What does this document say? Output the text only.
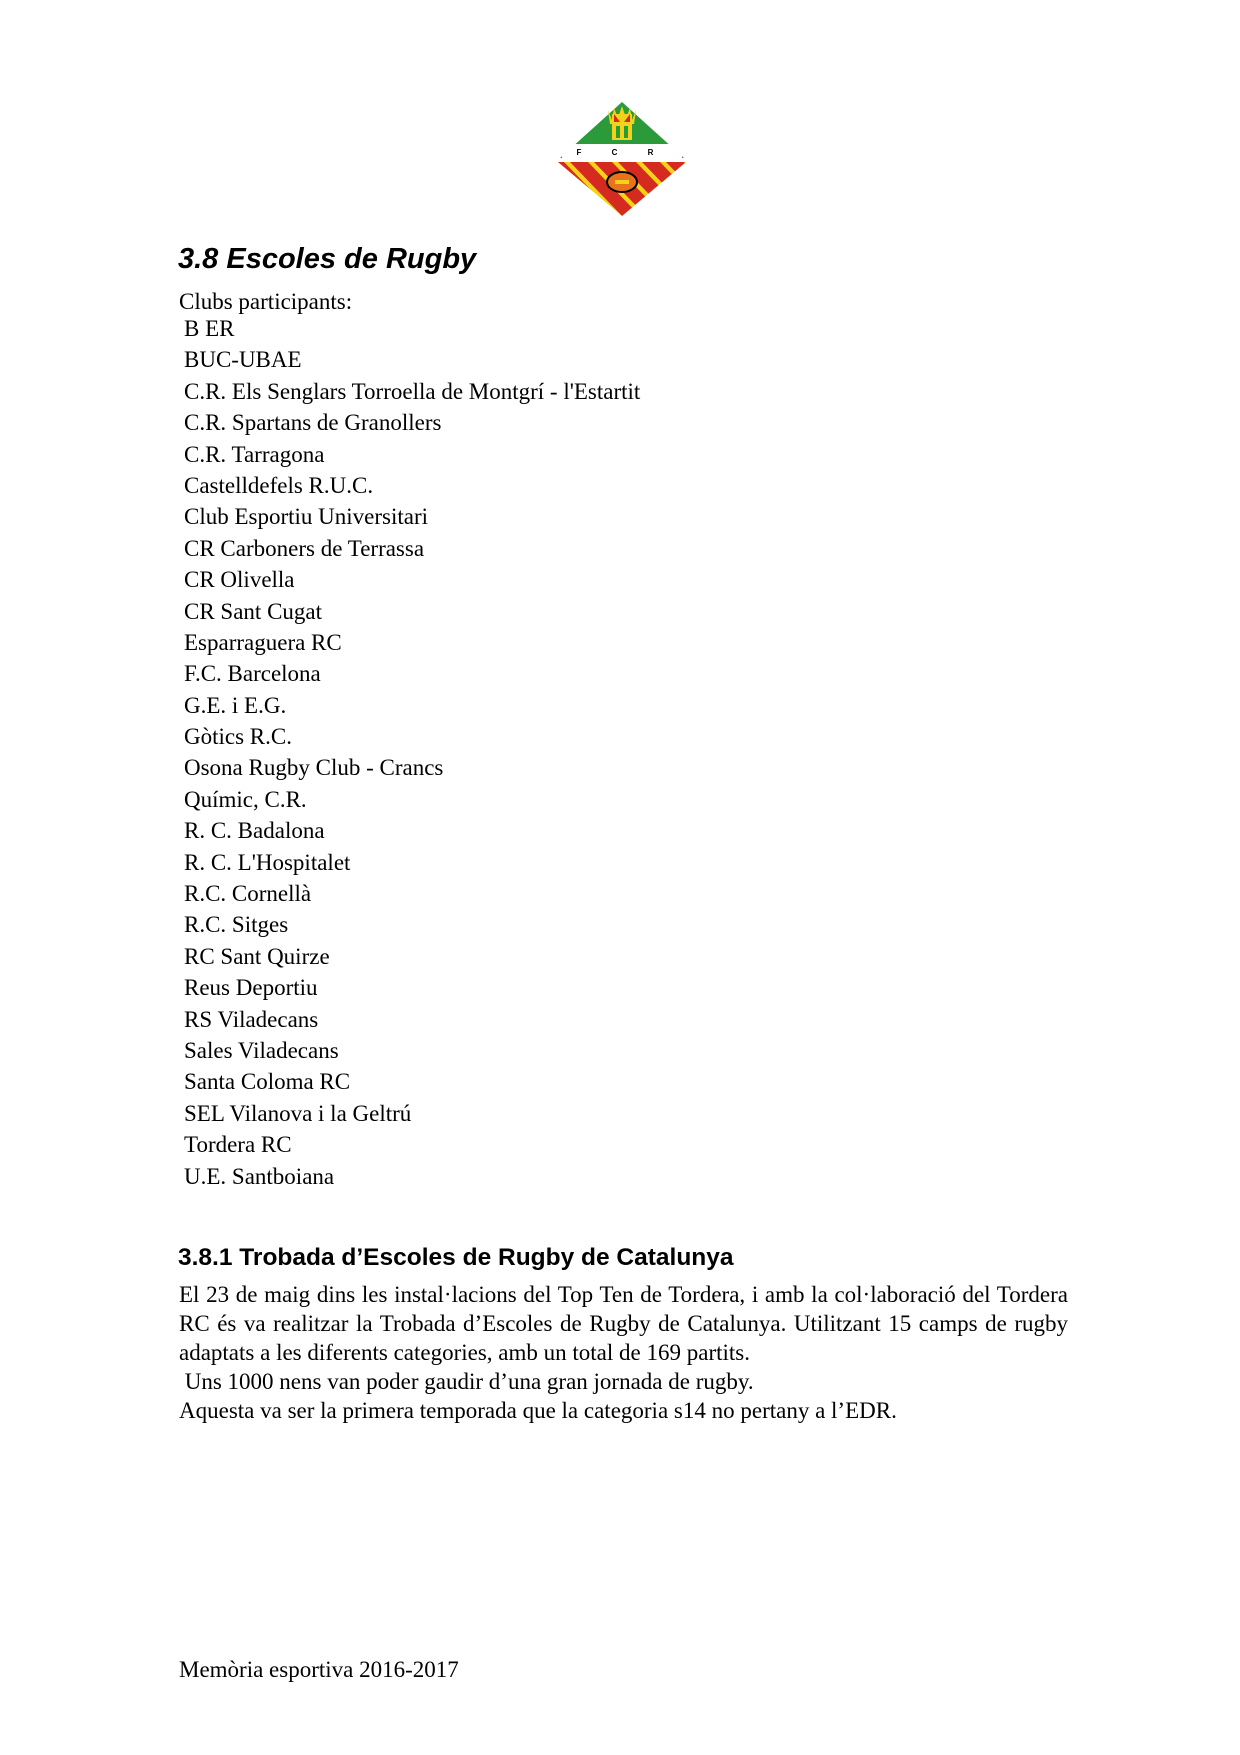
F C R
3.8 Escoles de Rugby
Clubs participants:
B ER
BUC-UBAE
C.R. Els Senglars Torroella de Montgrí - l'Estartit
C.R. Spartans de Granollers
C.R. Tarragona
Castelldefels R.U.C.
Club Esportiu Universitari
CR Carboners de Terrassa
CR Olivella
CR Sant Cugat
Esparraguera RC
F.C. Barcelona
G.E. i E.G.
Gòtics R.C.
Osona Rugby Club - Crancs
Químic, C.R.
R. C. Badalona
R. C. L'Hospitalet
R.C. Cornellà
R.C. Sitges
RC Sant Quirze
Reus Deportiu
RS Viladecans
Sales Viladecans
Santa Coloma RC
SEL Vilanova i la Geltrú
Tordera RC
U.E. Santboiana
3.8.1 Trobada d’Escoles de Rugby de Catalunya

El 23 de maig dins les instal·lacions del Top Ten de Tordera, i amb la col·laboració del Tordera RC és va realitzar la Trobada d’Escoles de Rugby de Catalunya. Utilitzant 15 camps de rugby adaptats a les diferents categories, amb un total de 169 partits.

Uns 1000 nens van poder gaudir d’una gran jornada de rugby.

Aquesta va ser la primera temporada que la categoria s14 no pertany a l’EDR.

Memòria esportiva 2016-2017
